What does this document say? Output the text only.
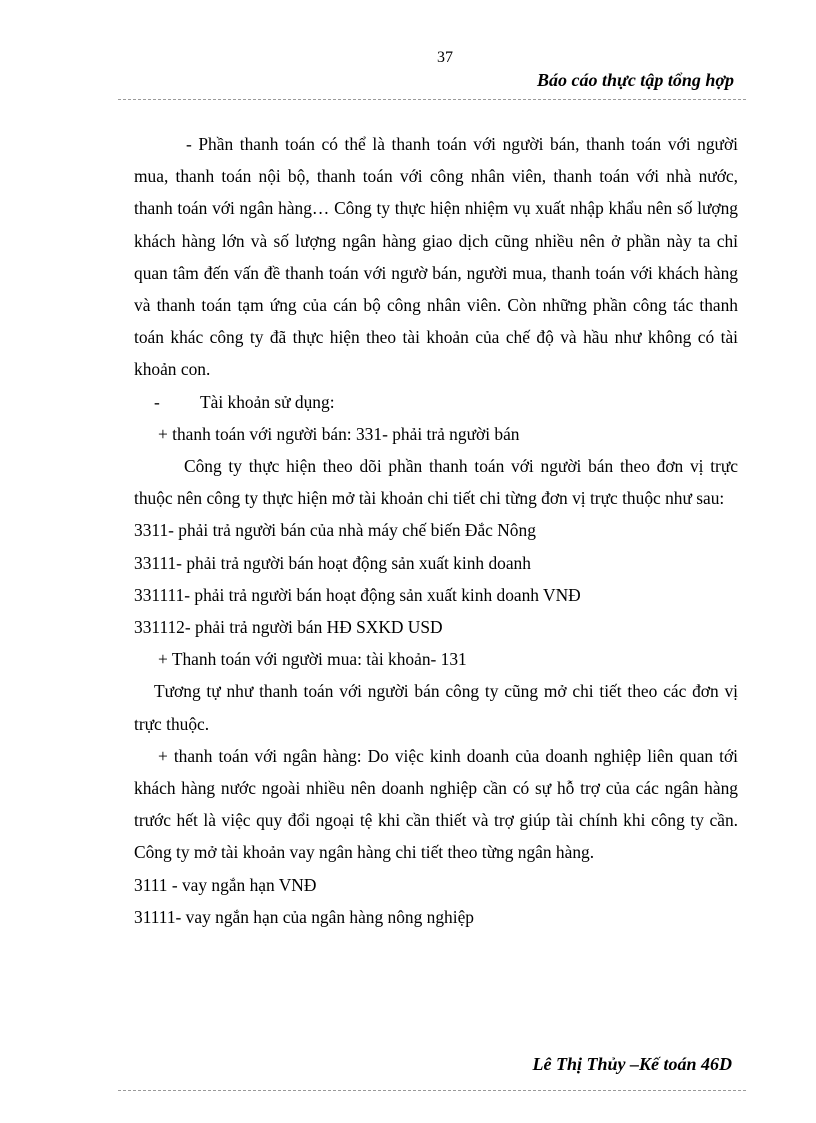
37
Báo cáo thực tập tổng hợp

- Phần thanh toán có thể là thanh toán với người bán, thanh toán với người mua, thanh toán nội bộ, thanh toán với công nhân viên, thanh toán với nhà nước, thanh toán với ngân hàng… Công ty thực hiện nhiệm vụ xuất nhập khẩu nên số lượng khách hàng lớn và số lượng ngân hàng giao dịch cũng nhiều nên ở phần này ta chỉ quan tâm đến vấn đề thanh toán với ngườ bán, người mua, thanh toán với khách hàng và thanh toán tạm ứng của cán bộ công nhân viên. Còn những phần công tác thanh toán khác công ty đã thực hiện theo tài khoản của chế độ và hầu như không có tài khoản con.

- Tài khoản sử dụng:

+ thanh toán với người bán: 331- phải trả người bán

Công ty thực hiện theo dõi phần thanh toán với người bán theo đơn vị trực thuộc nên công ty thực hiện mở tài khoản chi tiết chi từng đơn vị trực thuộc như sau:

3311- phải trả người bán của nhà máy chế biến Đắc Nông

33111- phải trả người bán hoạt động sản xuất kinh doanh

331111- phải trả người bán hoạt động sản xuất kinh doanh VNĐ

331112- phải trả người bán HĐ SXKD USD

+ Thanh toán với người mua: tài khoản- 131

Tương tự như thanh toán với người bán công ty cũng mở chi tiết theo các đơn vị trực thuộc.

+ thanh toán với ngân hàng: Do việc kinh doanh của doanh nghiệp liên quan tới khách hàng nước ngoài nhiều nên doanh nghiệp cần có sự hỗ trợ của các ngân hàng trước hết là việc quy đổi ngoại tệ khi cần thiết và trợ giúp tài chính khi công ty cần. Công ty mở tài khoản vay ngân hàng chi tiết theo từng ngân hàng.

3111 - vay ngắn hạn VNĐ

31111- vay ngắn hạn của ngân hàng nông nghiệp

Lê Thị Thủy –Kế toán 46D
